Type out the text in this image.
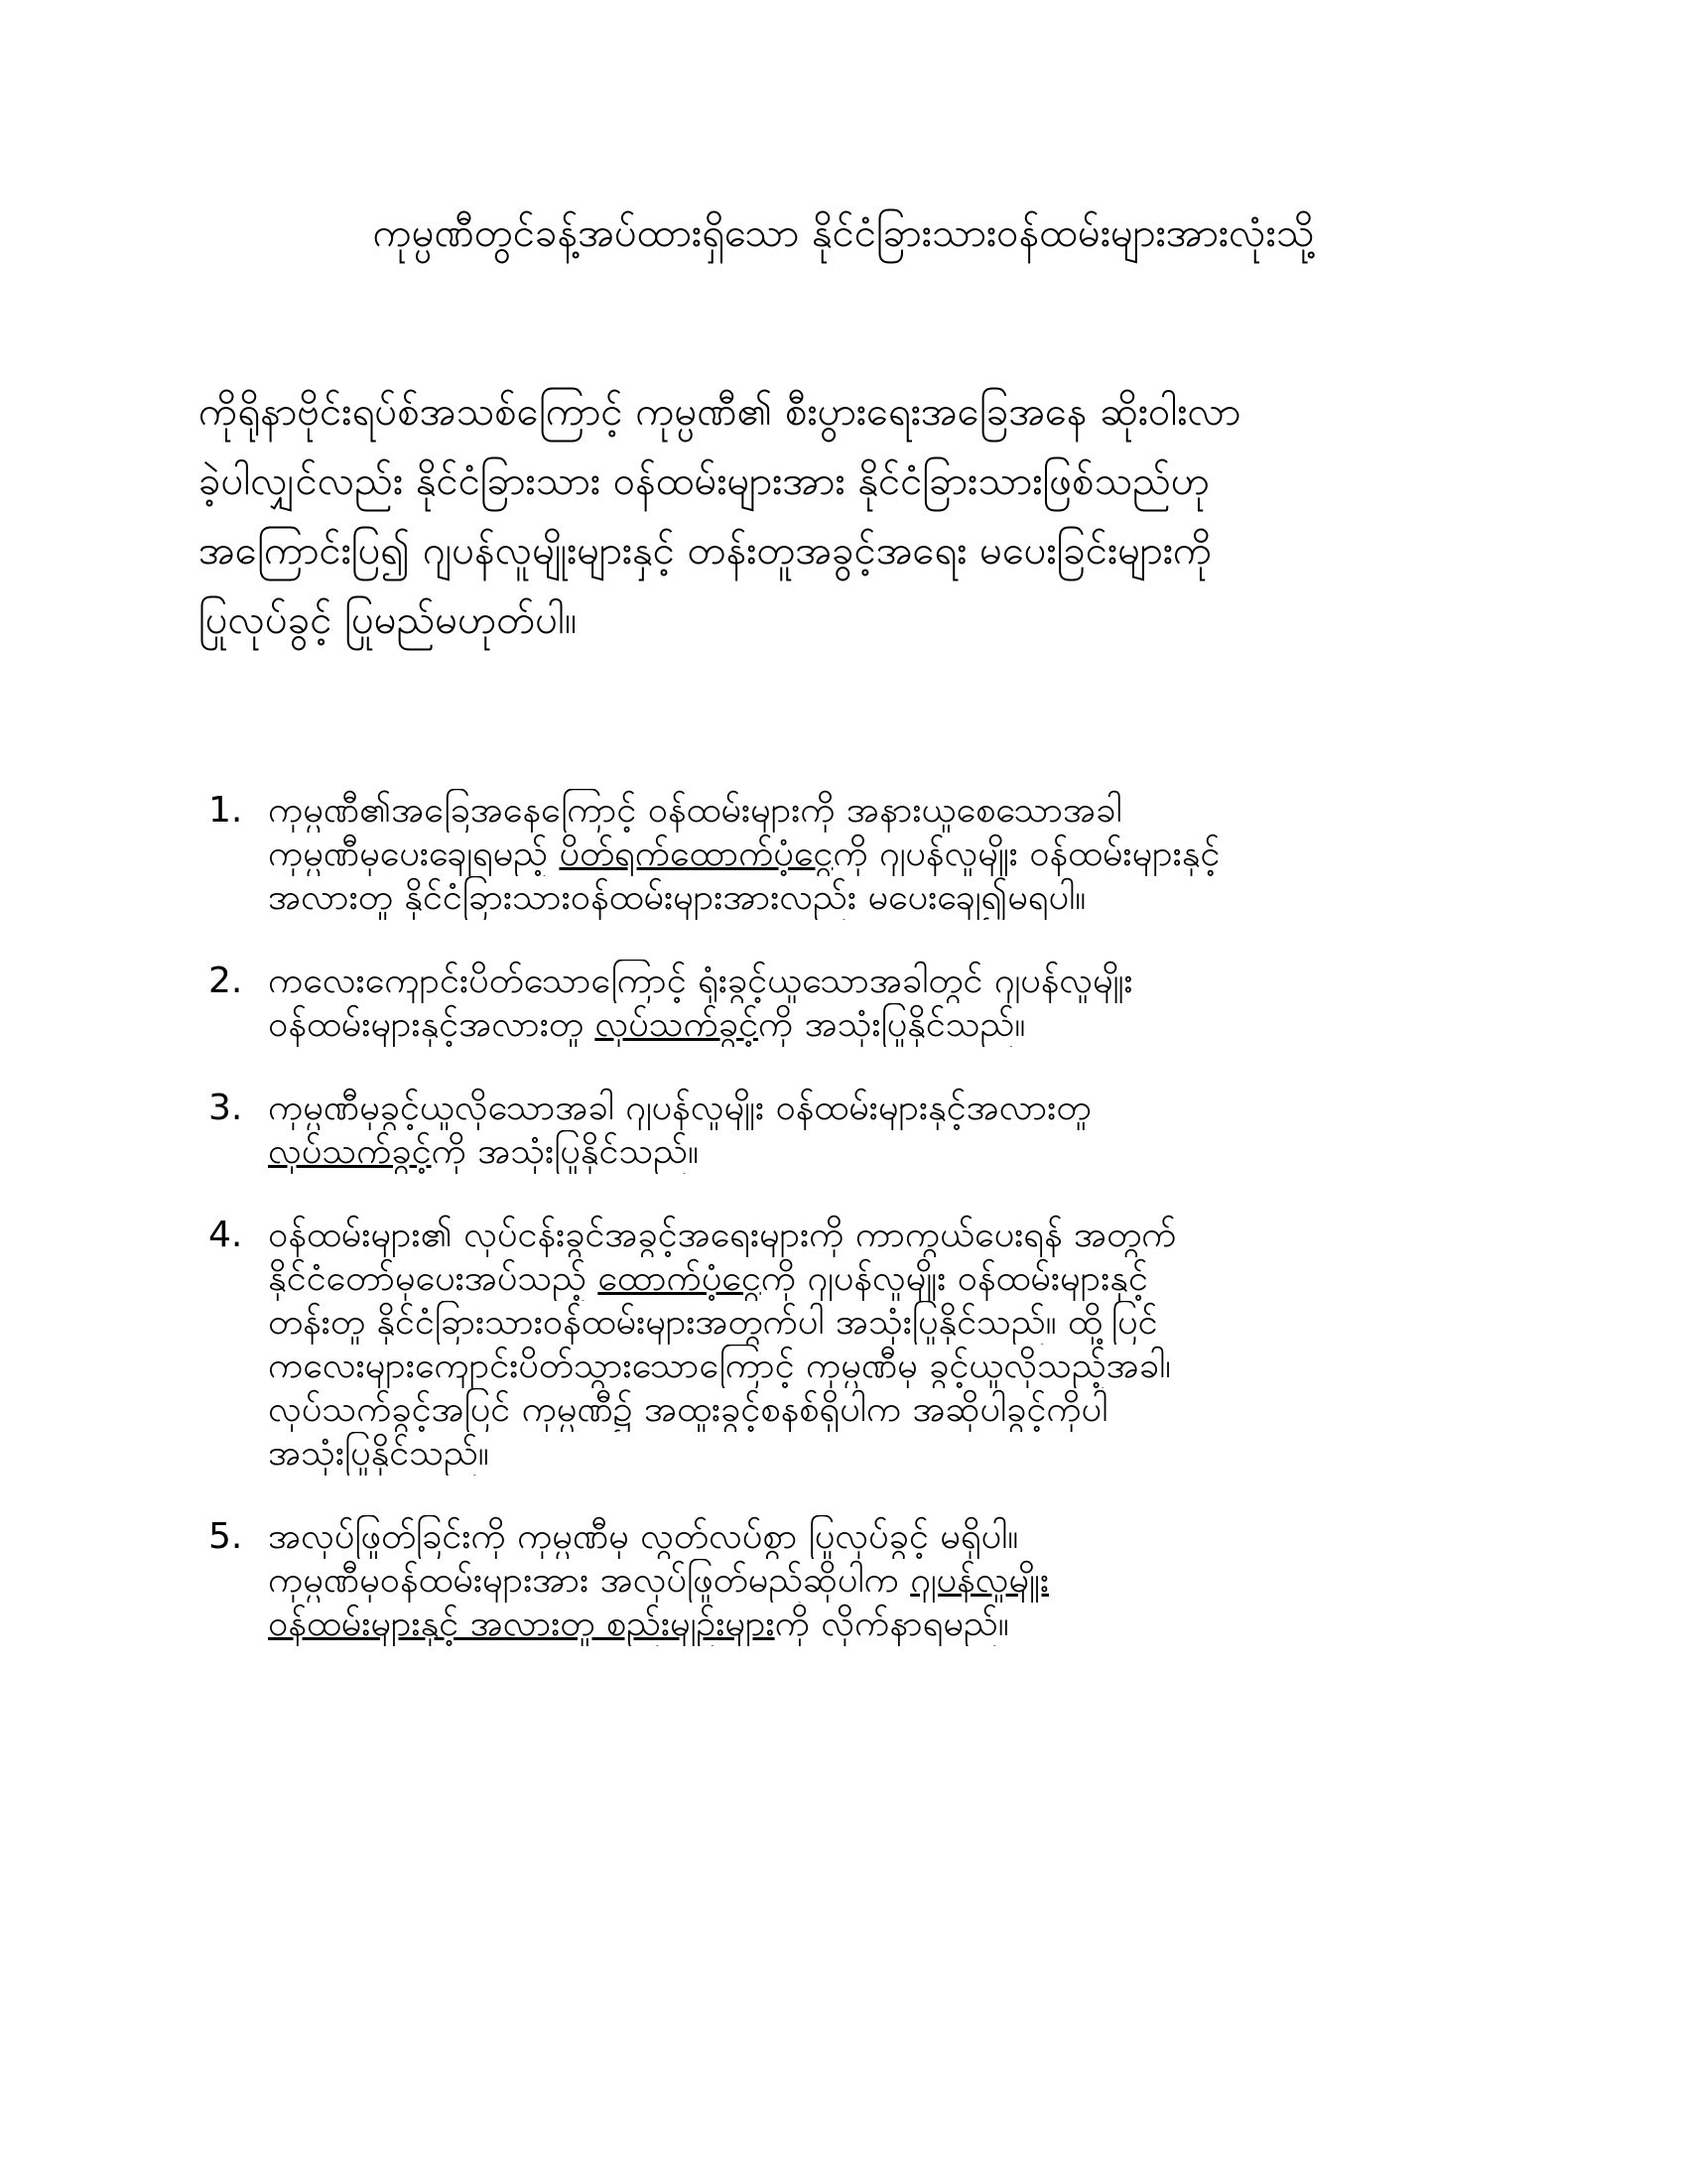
ကုမ္ပဏီတွင်ခန့်အပ်ထားရှိသော နိုင်ငံခြားသားဝန်ထမ်းများအားလုံးသို့
ကိုရိုနာဗိုင်းရပ်စ်အသစ်ကြောင့် ကုမ္ပဏီ၏ စီးပွားရေးအခြေအနေ ဆိုးဝါးလာ
ခဲ့ပါလျှင်လည်း နိုင်ငံခြားသား ဝန်ထမ်းများအား နိုင်ငံခြားသားဖြစ်သည်ဟု
အကြောင်းပြ၍ ဂျပန်လူမျိုးများနှင့် တန်းတူအခွင့်အရေး မပေးခြင်းများကို
ပြုလုပ်ခွင့် ပြုမည်မဟုတ်ပါ။
1. ကုမ္ပဏီ၏အခြေအနေကြောင့် ဝန်ထမ်းများကို အနားယူစေသောအခါ
ကုမ္ပဏီမှပေးချေရမည့် ပိတ်ရက်ထောက်ပံ့ငွေကို ဂျပန်လူမျိုး ဝန်ထမ်းများနှင့်
အလားတူ နိုင်ငံခြားသားဝန်ထမ်းများအားလည်း မပေးချေ၍မရပါ။
2. ကလေးကျောင်းပိတ်သောကြောင့် ရုံးခွင့်ယူသောအခါတွင် ဂျပန်လူမျိုး
ဝန်ထမ်းများနှင့်အလားတူ လုပ်သက်ခွင့်ကို အသုံးပြုနိုင်သည်။
3. ကုမ္ပဏီမှခွင့်ယူလိုသောအခါ ဂျပန်လူမျိုး ဝန်ထမ်းများနှင့်အလားတူ
လုပ်သက်ခွင့်ကို အသုံးပြုနိုင်သည်။
4. ဝန်ထမ်းများ၏ လုပ်ငန်းခွင်အခွင့်အရေးများကို ကာကွယ်ပေးရန် အတွက်
နိုင်ငံတော်မှပေးအပ်သည့် ထောက်ပံ့ငွေကို ဂျပန်လူမျိုး ဝန်ထမ်းများနှင့်
တန်းတူ နိုင်ငံခြားသားဝန်ထမ်းများအတွက်ပါ အသုံးပြုနိုင်သည်။ ထို့ပြင်
ကလေးများကျောင်းပိတ်သွားသောကြောင့် ကုမ္ပဏီမှ ခွင့်ယူလိုသည့်အခါ၊
လုပ်သက်ခွင့်အပြင် ကုမ္ပဏီ၌ အထူးခွင့်စနစ်ရှိပါက အဆိုပါခွင့်ကိုပါ
အသုံးပြုနိုင်သည်။
5. အလုပ်ဖြုတ်ခြင်းကို ကုမ္ပဏီမှ လွတ်လပ်စွာ ပြုလုပ်ခွင့် မရှိပါ။
ကုမ္ပဏီမှဝန်ထမ်းများအား အလုပ်ဖြုတ်မည်ဆိုပါက ဂျပန်လူမျိုး
ဝန်ထမ်းများနှင့် အလားတူ စည်းမျဉ်းများကို လိုက်နာရမည်။
